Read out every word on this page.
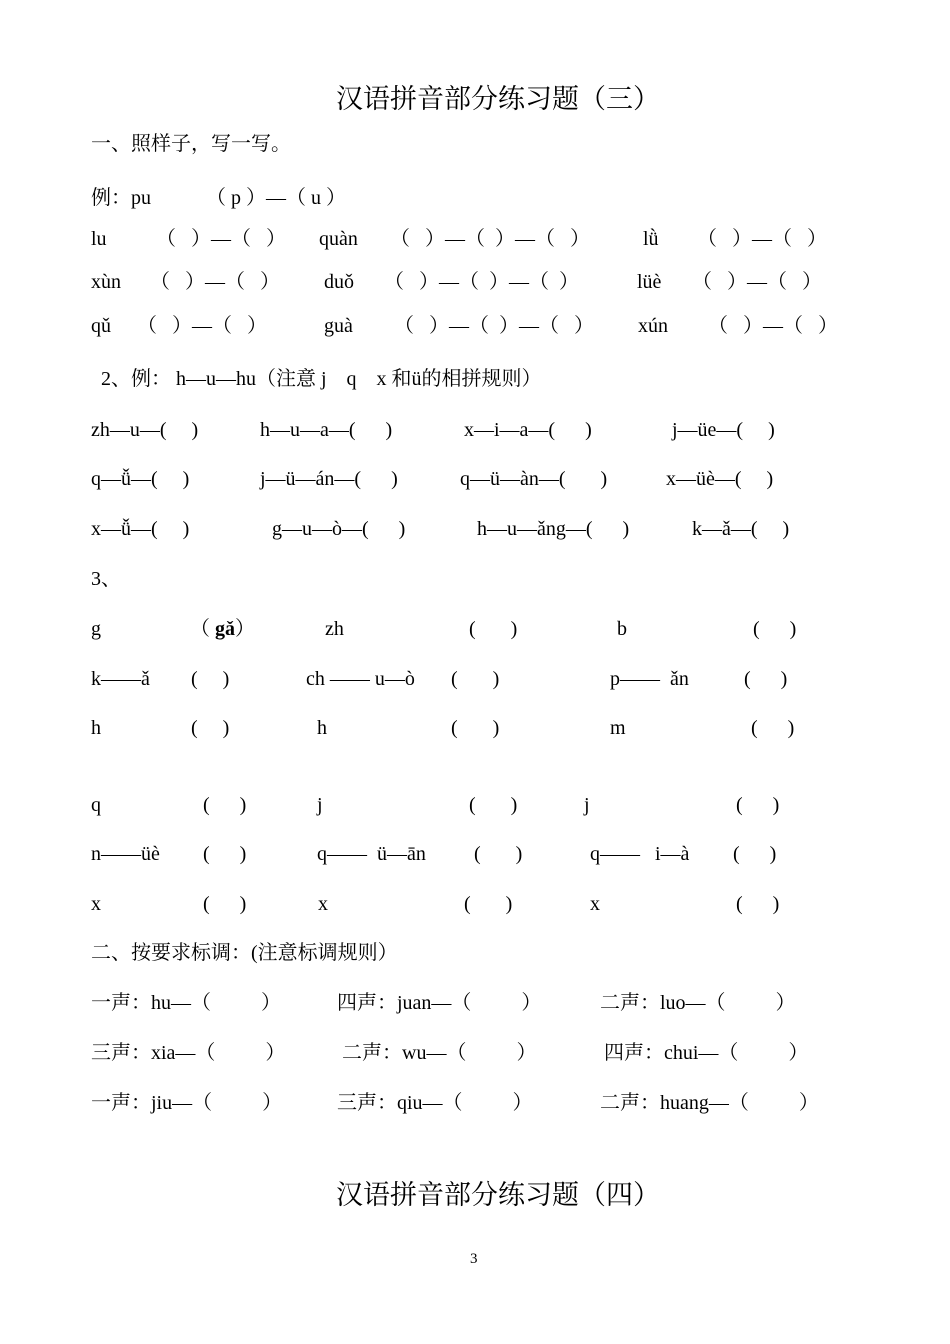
汉语拼音部分练习题（三）
一、照样子，写一写。
例：pu	（ p ）—（ u ）
lu （   ）—（   ） quàn （   ）—（  ）—（   ）	lǜ （   ）—（   ）
xùn （   ）—（   ） duǒ （   ）—（  ）—（  ）	lüè （   ）—（   ）
qǔ （   ）—（   ）	guà （   ）—（  ）—（   ） xún （   ）—（   ）
2、例： h—u—hu（注意 j    q    x 和ü的相拼规则）
zh—u—(     )	h—u—a—(      )	x—i—a—(      )	j—üe—(     )
q—ǚ—(     )	j—ü—án—(      )	q—ü—àn—(       )	x—üè—(     )
x—ǚ—(     )	g—u—ò—(      )	h—u—ǎng—(      )	k—ǎ—(     )
3、
g	（ gǎ）	zh	(       )	b	(      )
k——ǎ (     )	ch —— u—ò (       )	p——  ǎn	(      )
h	(     )	h	(       )	m	(      )
q	(      )	j	(       )	j	(      )
n——üè (      )	q——  ü—ān (       )	q——   i—à (      )
x	(      )	x	(       )	x	(      )
二、按要求标调：(注意标调规则）
一声：hu—（          ）	四声：juan—（          ）	二声：luo—（          ）
三声：xia—（          ）	二声：wu—（          ）	四声：chui—（          ）
一声：jiu—（          ）	三声：qiu—（          ）	二声：huang—（          ）
汉语拼音部分练习题（四）
3
